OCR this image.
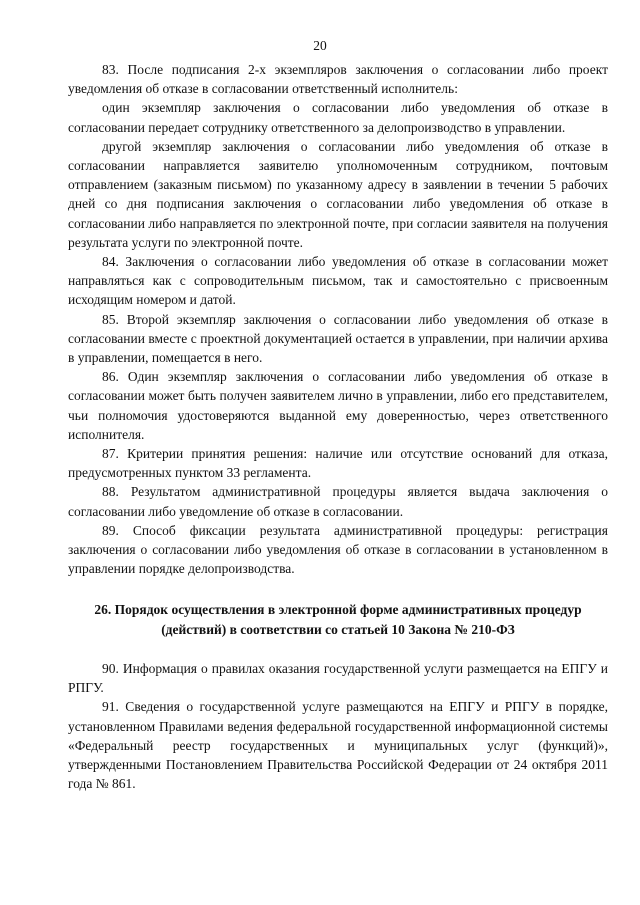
20

83. После подписания 2-х экземпляров заключения о согласовании либо проект уведомления об отказе в согласовании ответственный исполнитель:

один экземпляр заключения о согласовании либо уведомления об отказе в согласовании передает сотруднику ответственного за делопроизводство в управлении.

другой экземпляр заключения о согласовании либо уведомления об отказе в согласовании направляется заявителю уполномоченным сотрудником, почтовым отправлением (заказным письмом) по указанному адресу в заявлении в течении 5 рабочих дней со дня подписания заключения о согласовании либо уведомления об отказе в согласовании либо направляется по электронной почте, при согласии заявителя на получения результата услуги по электронной почте.

84. Заключения о согласовании либо уведомления об отказе в согласовании может направляться как с сопроводительным письмом, так и самостоятельно с присвоенным исходящим номером и датой.

85. Второй экземпляр заключения о согласовании либо уведомления об отказе в согласовании вместе с проектной документацией остается в управлении, при наличии архива в управлении, помещается в него.

86. Один экземпляр заключения о согласовании либо уведомления об отказе в согласовании может быть получен заявителем лично в управлении, либо его представителем, чьи полномочия удостоверяются выданной ему доверенностью, через ответственного исполнителя.

87. Критерии принятия решения: наличие или отсутствие оснований для отказа, предусмотренных пунктом 33 регламента.

88. Результатом административной процедуры является выдача заключения о согласовании либо уведомление об отказе в согласовании.

89. Способ фиксации результата административной процедуры: регистрация заключения о согласовании либо уведомления об отказе в согласовании в установленном в управлении порядке делопроизводства.

26. Порядок осуществления в электронной форме административных процедур (действий) в соответствии со статьей 10 Закона № 210-ФЗ

90. Информация о правилах оказания государственной услуги размещается на ЕПГУ и РПГУ.

91. Сведения о государственной услуге размещаются на ЕПГУ и РПГУ в порядке, установленном Правилами ведения федеральной государственной информационной системы «Федеральный реестр государственных и муниципальных услуг (функций)», утвержденными Постановлением Правительства Российской Федерации от 24 октября 2011 года № 861.
